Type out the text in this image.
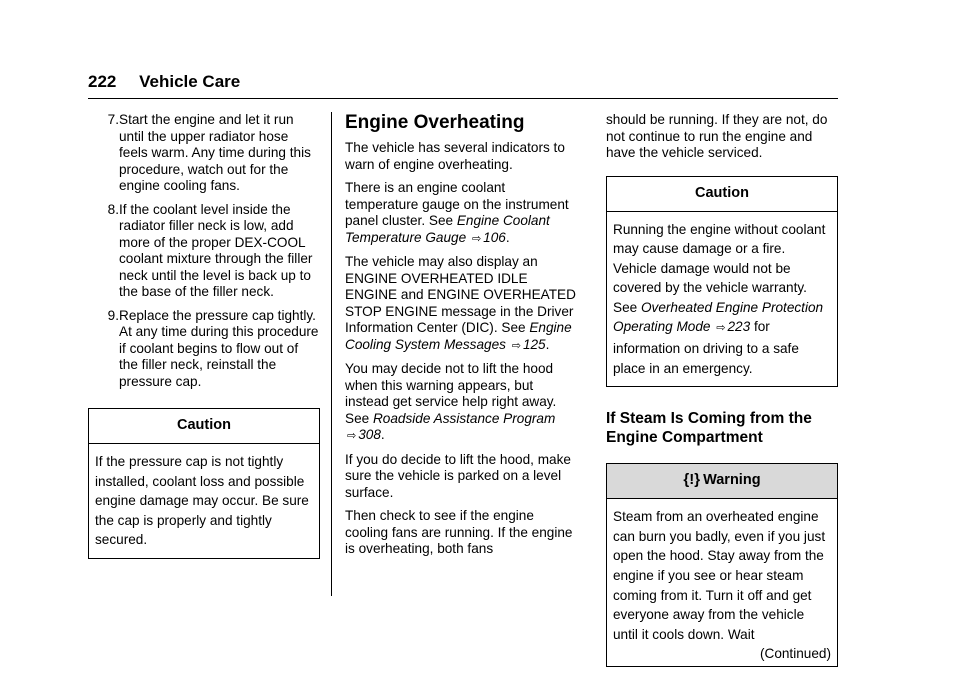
222 Vehicle Care
7 . Start the engine and let it run until the upper radiator hose feels warm. Any time during this procedure, watch out for the engine cooling fans.
8 . If the coolant level inside the radiator filler neck is low, add more of the proper DEX-COOL coolant mixture through the filler neck until the level is back up to the base of the filler neck.
9 . Replace the pressure cap tightly. At any time during this procedure if coolant begins to flow out of the filler neck, reinstall the pressure cap.
Caution
If the pressure cap is not tightly installed, coolant loss and possible engine damage may occur. Be sure the cap is properly and tightly secured.
Engine Overheating

The vehicle has several indicators to warn of engine overheating.

There is an engine coolant temperature gauge on the instrument panel cluster. See Engine Coolant Temperature Gauge ⇨ 106.

The vehicle may also display an ENGINE OVERHEATED IDLE ENGINE and ENGINE OVERHEATED STOP ENGINE message in the Driver Information Center (DIC). See Engine Cooling System Messages ⇨ 125.

You may decide not to lift the hood when this warning appears, but instead get service help right away. See Roadside Assistance Program ⇨ 308.

If you do decide to lift the hood, make sure the vehicle is parked on a level surface.

Then check to see if the engine cooling fans are running. If the engine is overheating, both fans

should be running. If they are not, do not continue to run the engine and have the vehicle serviced.

Caution
Running the engine without coolant may cause damage or a fire. Vehicle damage would not be covered by the vehicle warranty. See Overheated Engine Protection Operating Mode ⇨ 223 for information on driving to a safe place in an emergency.
If Steam Is Coming from the Engine Compartment
{!} Warning
Steam from an overheated engine can burn you badly, even if you just open the hood. Stay away from the engine if you see or hear steam coming from it. Turn it off and get everyone away from the vehicle until it cools down. Wait
(Continued)
